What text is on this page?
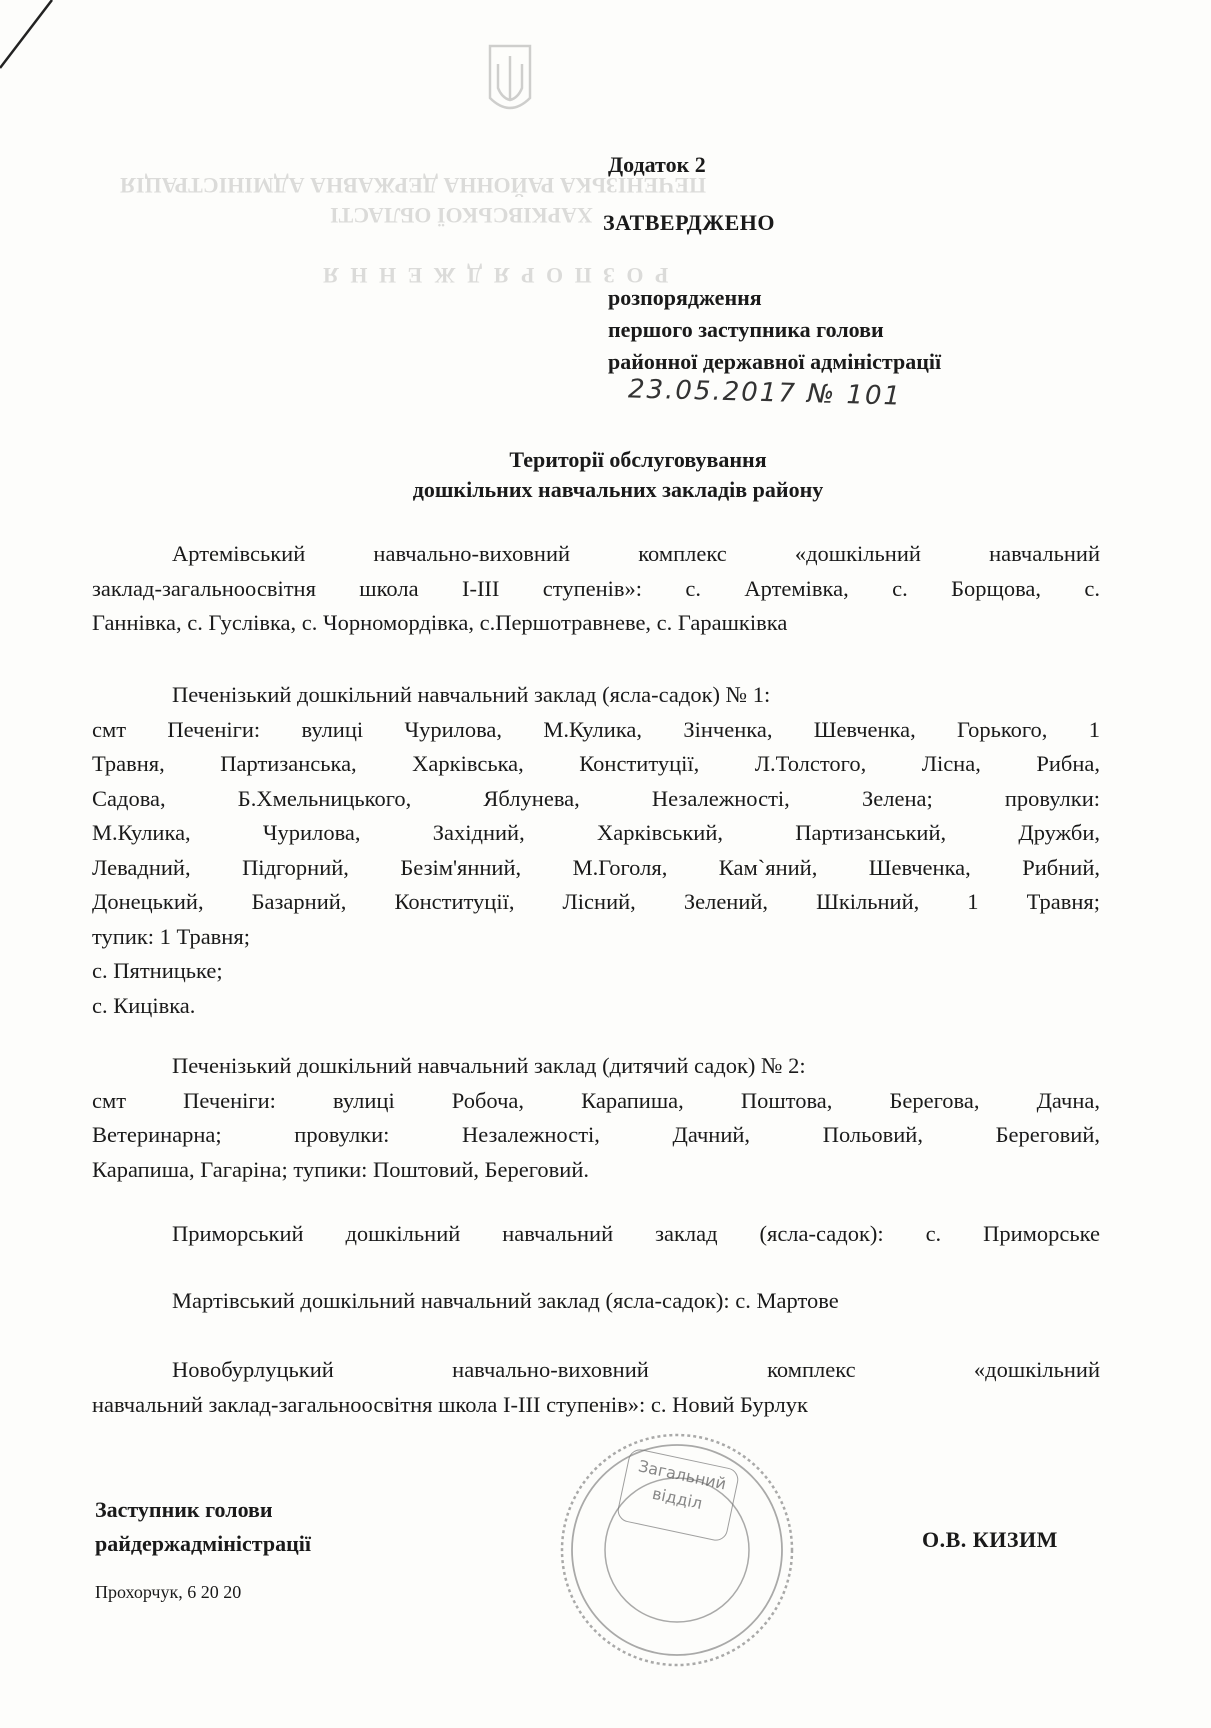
ПЕЧЕНІЗЬКА РАЙОННА ДЕРЖАВНА АДМІНІСТРАЦІЯ
ХАРКІВСЬКОЇ ОБЛАСТІ
Р О З П О Р Я Д Ж Е Н Н Я
Додаток 2
ЗАТВЕРДЖЕНО
розпорядження
першого заступника голови
районної державної адміністрації
23.05.2017 № 101
Території обслуговування
дошкільних навчальних закладів району
Артемівський навчально-виховний комплекс «дошкільний навчальний
заклад-загальноосвітня школа І-ІІІ ступенів»: с. Артемівка, с. Борщова, с.
Ганнівка, с. Гуслівка, с. Чорномордівка, с.Першотравневе, с. Гарашківка
Печенізький дошкільний навчальний заклад (ясла-садок) № 1:
смт Печеніги: вулиці Чурилова, М.Кулика, Зінченка, Шевченка, Горького, 1
Травня, Партизанська, Харківська, Конституції, Л.Толстого, Лісна, Рибна,
Садова, Б.Хмельницького, Яблунева, Незалежності, Зелена; провулки:
М.Кулика, Чурилова, Західний, Харківський, Партизанський, Дружби,
Левадний, Підгорний, Безім'янний, М.Гоголя, Кам`яний, Шевченка, Рибний,
Донецький, Базарний, Конституції, Лісний, Зелений, Шкільний, 1 Травня;
тупик: 1 Травня;
с. Пятницьке;
с. Кицівка.
Печенізький дошкільний навчальний заклад (дитячий садок) № 2:
смт Печеніги: вулиці Робоча, Карапиша, Поштова, Берегова, Дачна,
Ветеринарна; провулки: Незалежності, Дачний, Польовий, Береговий,
Карапиша, Гагаріна; тупики: Поштовий, Береговий.
Приморський дошкільний навчальний заклад (ясла-садок): с. Приморське
Мартівський дошкільний навчальний заклад (ясла-садок): с. Мартове
Новобурлуцький навчально-виховний комплекс «дошкільний
навчальний заклад-загальноосвітня школа І-ІІІ ступенів»: с. Новий Бурлук
Загальний відділ
Заступник голови
райдержадміністрації	О.В. КИЗИМ
Прохорчук, 6 20 20
